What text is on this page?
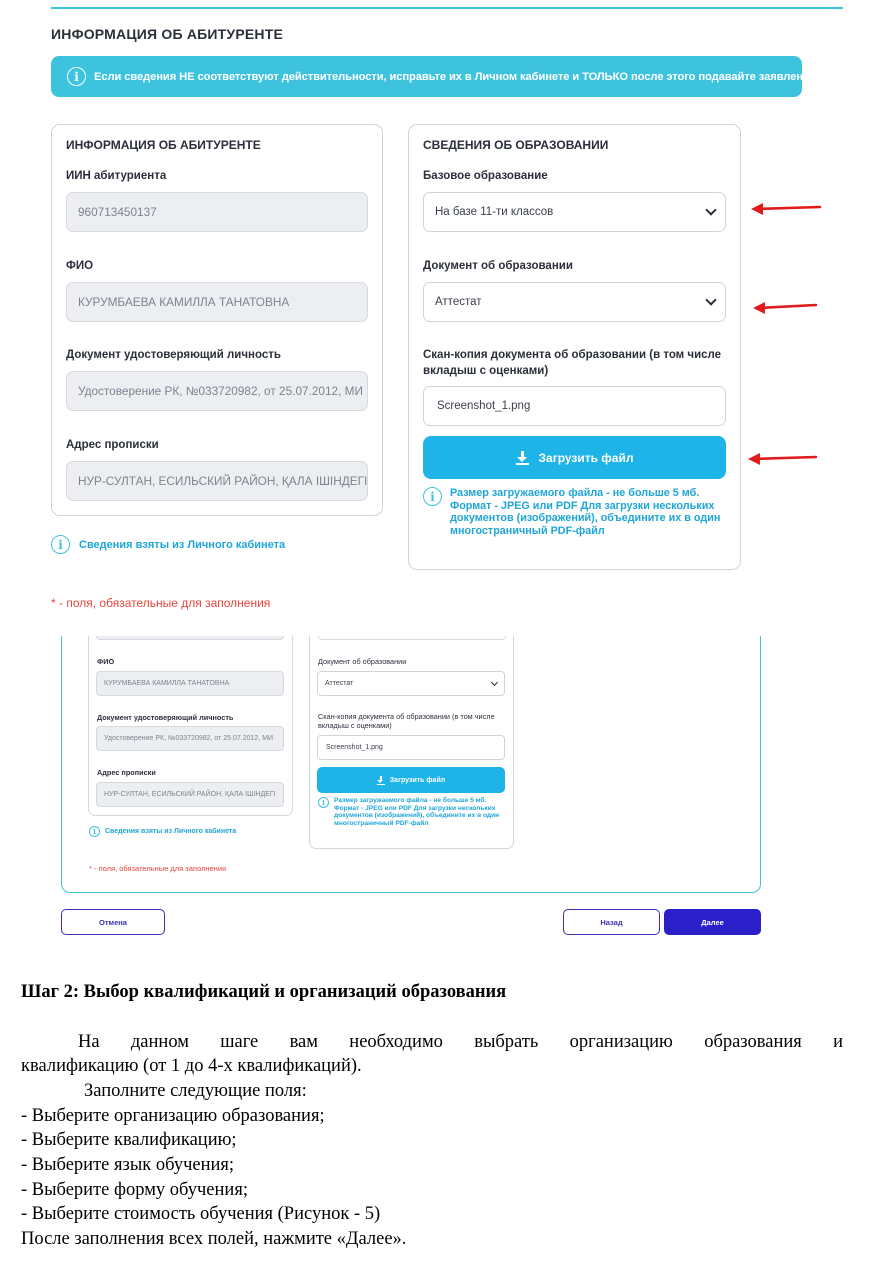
ИНФОРМАЦИЯ ОБ АБИТУРЕНТЕ
i	Если сведения НЕ соответствуют действительности, исправьте их в Личном кабинете и ТОЛЬКО после этого подавайте заявление
ИНФОРМАЦИЯ ОБ АБИТУРЕНТЕ
ИИН абитуриента
960713450137
ФИО
КУРУМБАЕВА КАМИЛЛА ТАНАТОВНА
Документ удостоверяющий личность
Удостоверение РК, №033720982, от 25.07.2012, МИ
Адрес прописки
НУР-СУЛТАН, ЕСИЛЬСКИЙ РАЙОН, ҚАЛА ІШІНДЕГІ
СВЕДЕНИЯ ОБ ОБРАЗОВАНИИ
Базовое образование
На базе 11-ти классов
Документ об образовании
Аттестат
Скан-копия документа об образовании (в том числе вкладыш с оценками)
Screenshot_1.png
Загрузить файл
i	Размер загружаемого файла - не больше 5 мб. Формат - JPEG или PDF Для загрузки нескольких документов (изображений), объедините их в один многостраничный PDF-файл
i	Сведения взяты из Личного кабинета
* - поля, обязательные для заполнения
ФИО
КУРУМБАЕВА КАМИЛЛА ТАНАТОВНА
Документ удостоверяющий личность
Удостоверение РК, №033720982, от 25.07.2012, МИ
Адрес прописки
НУР-СУЛТАН, ЕСИЛЬСКИЙ РАЙОН, ҚАЛА ІШІНДЕГІ
Документ об образовании
Аттестат
Скан-копия документа об образовании (в том числе вкладыш с оценками)
Screenshot_1.png
Загрузить файл
i	Размер загружаемого файла - не больше 5 мб. Формат - JPEG или PDF Для загрузки нескольких документов (изображений), объедините их в один многостраничный PDF-файл
i	Сведения взяты из Личного кабинета
* - поля, обязательные для заполнения
Отмена	Назад	Далее
Шаг 2: Выбор квалификаций и организаций образования
На данном шаге вам необходимо выбрать организацию образования и
квалификацию (от 1 до 4-х квалификаций).
Заполните следующие поля:
- Выберите организацию образования;
- Выберите квалификацию;
- Выберите язык обучения;
- Выберите форму обучения;
- Выберите стоимость обучения (Рисунок - 5)
После заполнения всех полей, нажмите «Далее».
